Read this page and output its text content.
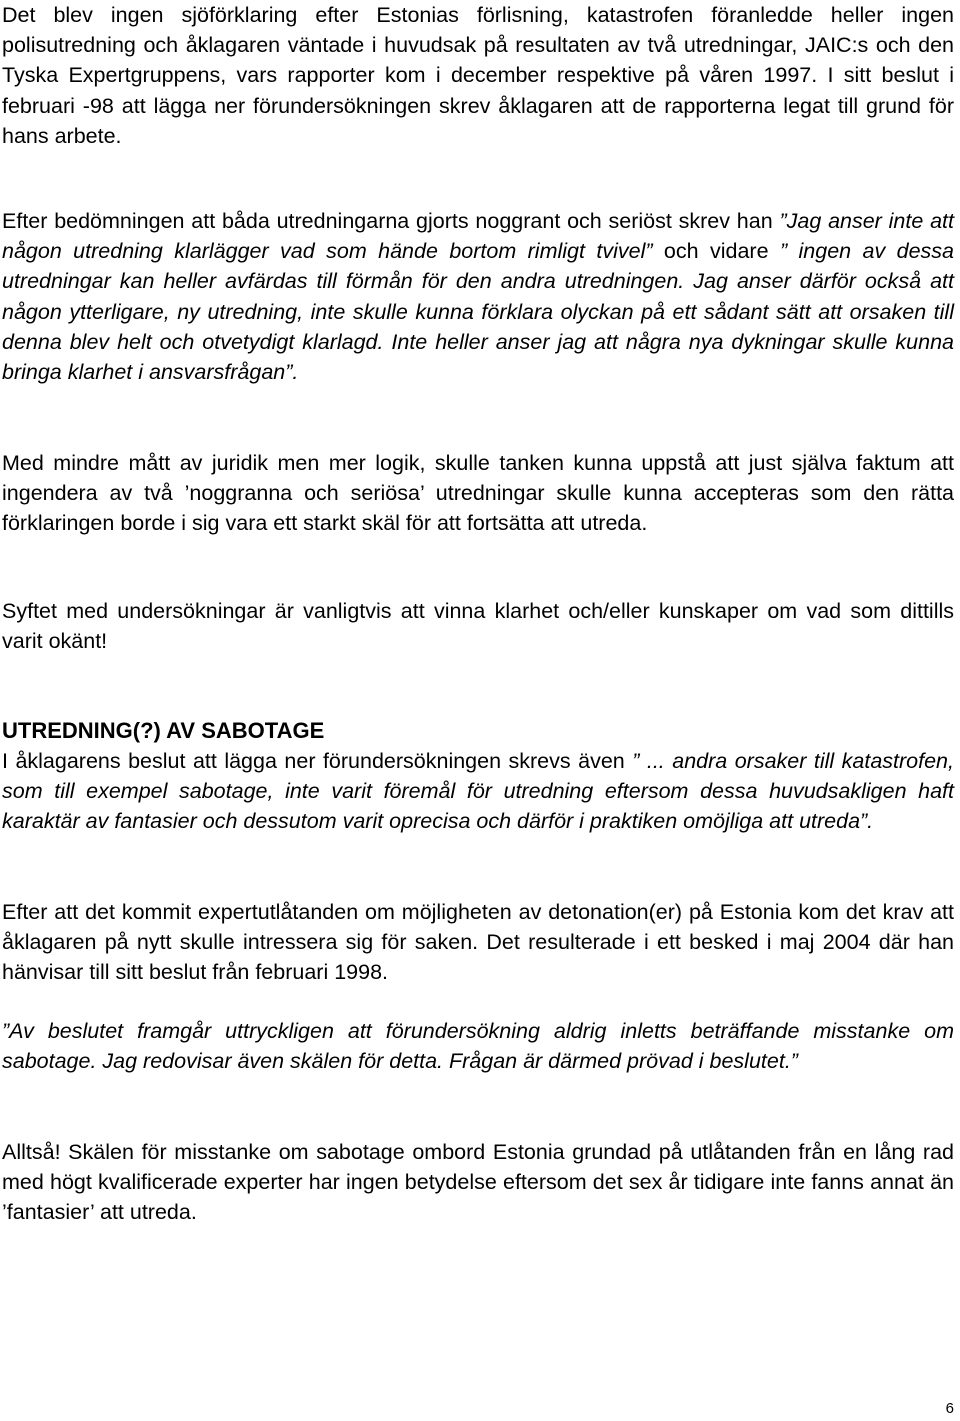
Det blev ingen sjöförklaring efter Estonias förlisning, katastrofen föranledde heller ingen polisutredning och åklagaren väntade i huvudsak på resultaten av två utredningar, JAIC:s och den Tyska Expertgruppens, vars rapporter kom i december respektive på våren 1997. I sitt beslut i februari -98 att lägga ner förundersökningen skrev åklagaren att de rapporterna legat till grund för hans arbete.

Efter bedömningen att båda utredningarna gjorts noggrant och seriöst skrev han ”Jag anser inte att någon utredning klarlägger vad som hände bortom rimligt tvivel” och vidare ” ingen av dessa utredningar kan heller avfärdas till förmån för den andra utredningen. Jag anser därför också att någon ytterligare, ny utredning, inte skulle kunna förklara olyckan på ett sådant sätt att orsaken till denna blev helt och otvetydigt klarlagd. Inte heller anser jag att några nya dykningar skulle kunna bringa klarhet i ansvarsfrågan”.

Med mindre mått av juridik men mer logik, skulle tanken kunna uppstå att just själva faktum att ingendera av två ’noggranna och seriösa’ utredningar skulle kunna accepteras som den rätta förklaringen borde i sig vara ett starkt skäl för att fortsätta att utreda.

Syftet med undersökningar är vanligtvis att vinna klarhet och/eller kunskaper om vad som dittills varit okänt!

UTREDNING(?) AV SABOTAGE

I åklagarens beslut att lägga ner förundersökningen skrevs även ” ... andra orsaker till katastrofen, som till exempel sabotage, inte varit föremål för utredning eftersom dessa huvudsakligen haft karaktär av fantasier och dessutom varit oprecisa och därför i praktiken omöjliga att utreda”.

Efter att det kommit expertutlåtanden om möjligheten av detonation(er) på Estonia kom det krav att åklagaren på nytt skulle intressera sig för saken. Det resulterade i ett besked i maj 2004 där han hänvisar till sitt beslut från februari 1998.

”Av beslutet framgår uttryckligen att förundersökning aldrig inletts beträffande misstanke om sabotage. Jag redovisar även skälen för detta. Frågan är därmed prövad i beslutet.”

Alltså! Skälen för misstanke om sabotage ombord Estonia grundad på utlåtanden från en lång rad med högt kvalificerade experter har ingen betydelse eftersom det sex år tidigare inte fanns annat än ’fantasier’ att utreda.

6
